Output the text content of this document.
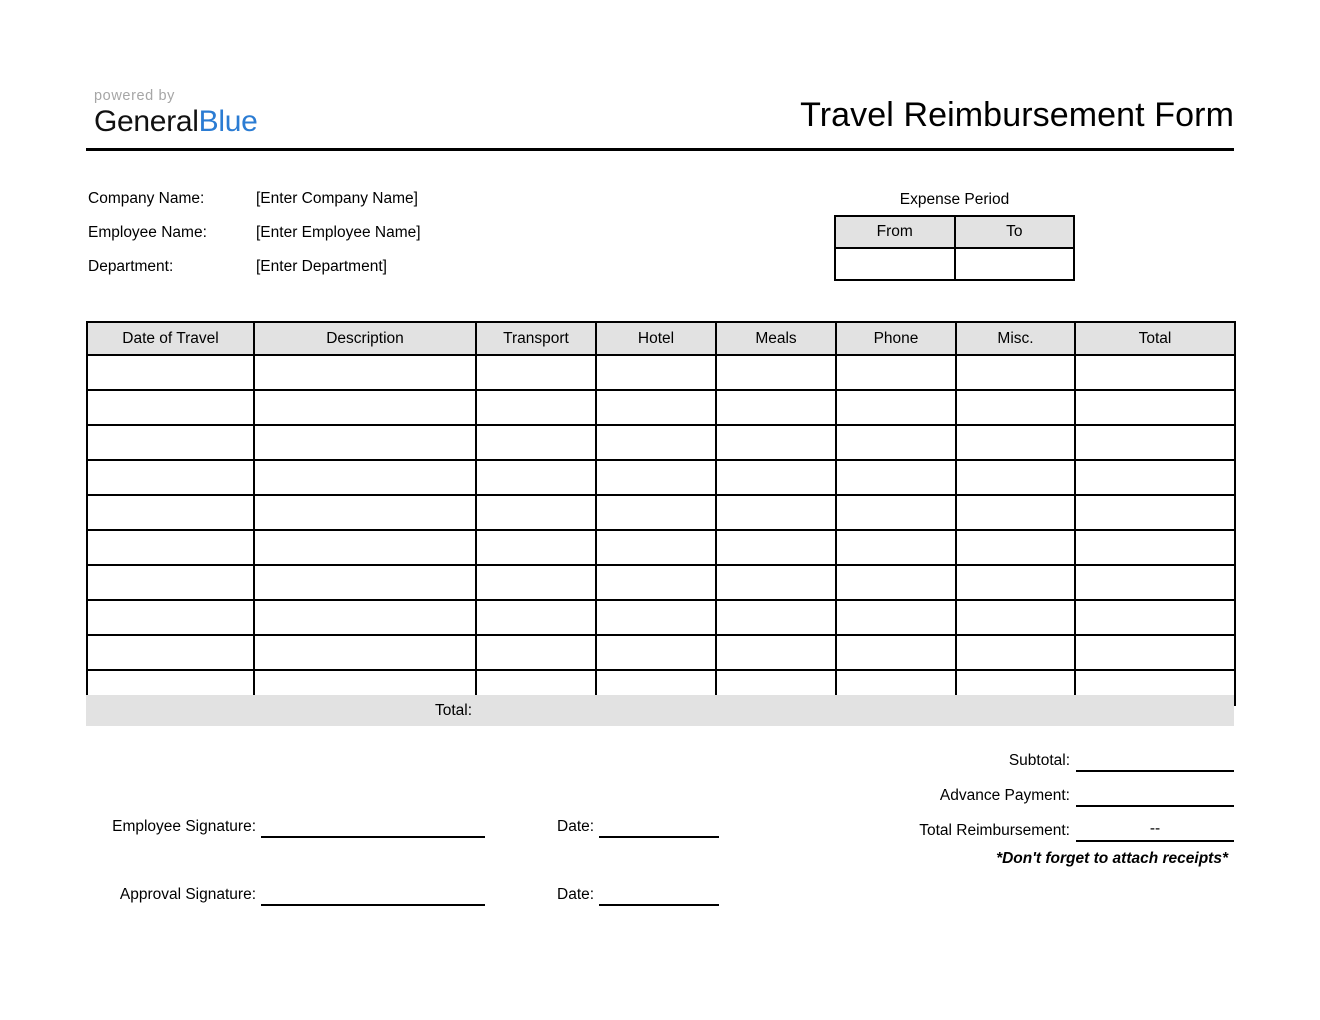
powered by
GeneralBlue	Travel Reimbursement Form
Company Name:	[Enter Company Name]
Employee Name:	[Enter Employee Name]
Department:	[Enter Department]
Expense Period
From	To

Date of Travel	Description	Transport	Hotel	Meals	Phone	Misc.	Total

Total:
Subtotal:
Advance Payment:
Total Reimbursement:	--
*Don't forget to attach receipts*
Employee Signature:	Date:
Approval Signature:	Date:
